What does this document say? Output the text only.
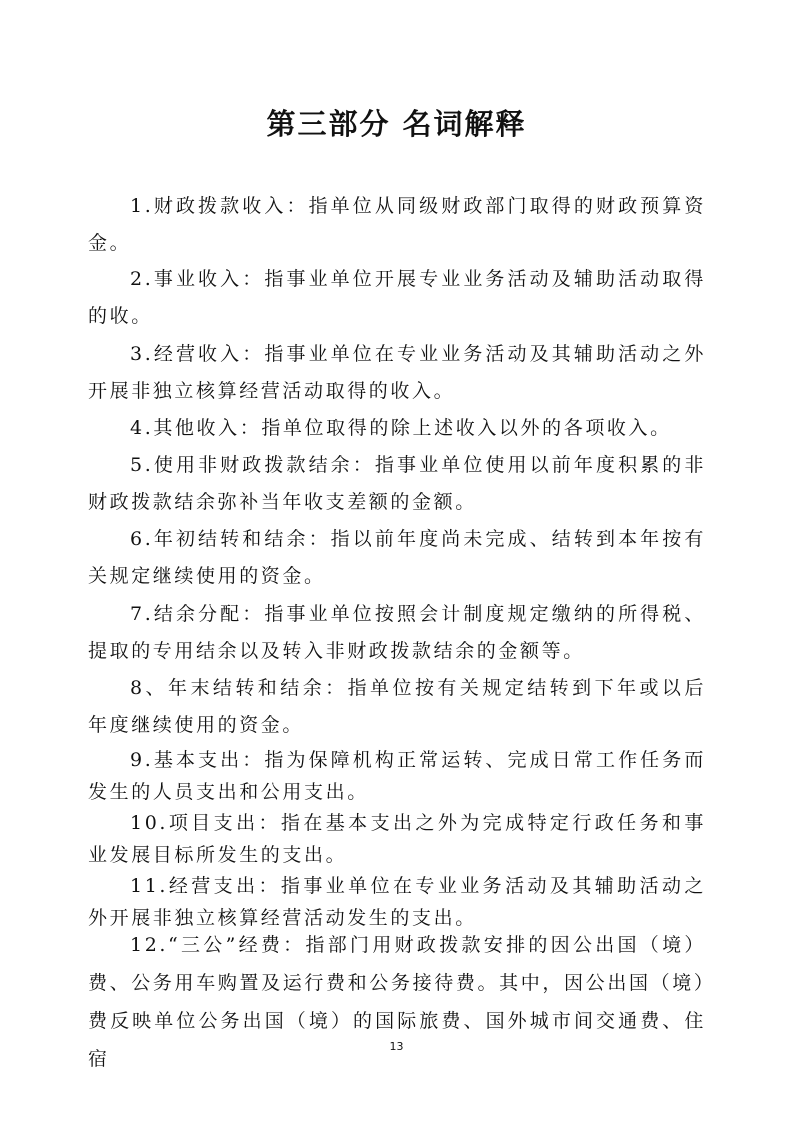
第三部分 名词解释

1.财政拨款收入：指单位从同级财政部门取得的财政预算资金。

2.事业收入：指事业单位开展专业业务活动及辅助活动取得的收。

3.经营收入：指事业单位在专业业务活动及其辅助活动之外开展非独立核算经营活动取得的收入。

4.其他收入：指单位取得的除上述收入以外的各项收入。

5.使用非财政拨款结余：指事业单位使用以前年度积累的非财政拨款结余弥补当年收支差额的金额。

6.年初结转和结余：指以前年度尚未完成、结转到本年按有关规定继续使用的资金。

7.结余分配：指事业单位按照会计制度规定缴纳的所得税、提取的专用结余以及转入非财政拨款结余的金额等。

8、年末结转和结余：指单位按有关规定结转到下年或以后年度继续使用的资金。

9.基本支出：指为保障机构正常运转、完成日常工作任务而发生的人员支出和公用支出。

10.项目支出：指在基本支出之外为完成特定行政任务和事业发展目标所发生的支出。

11.经营支出：指事业单位在专业业务活动及其辅助活动之外开展非独立核算经营活动发生的支出。

12.“三公”经费：指部门用财政拨款安排的因公出国（境）费、公务用车购置及运行费和公务接待费。其中，因公出国（境）费反映单位公务出国（境）的国际旅费、国外城市间交通费、住宿

13
